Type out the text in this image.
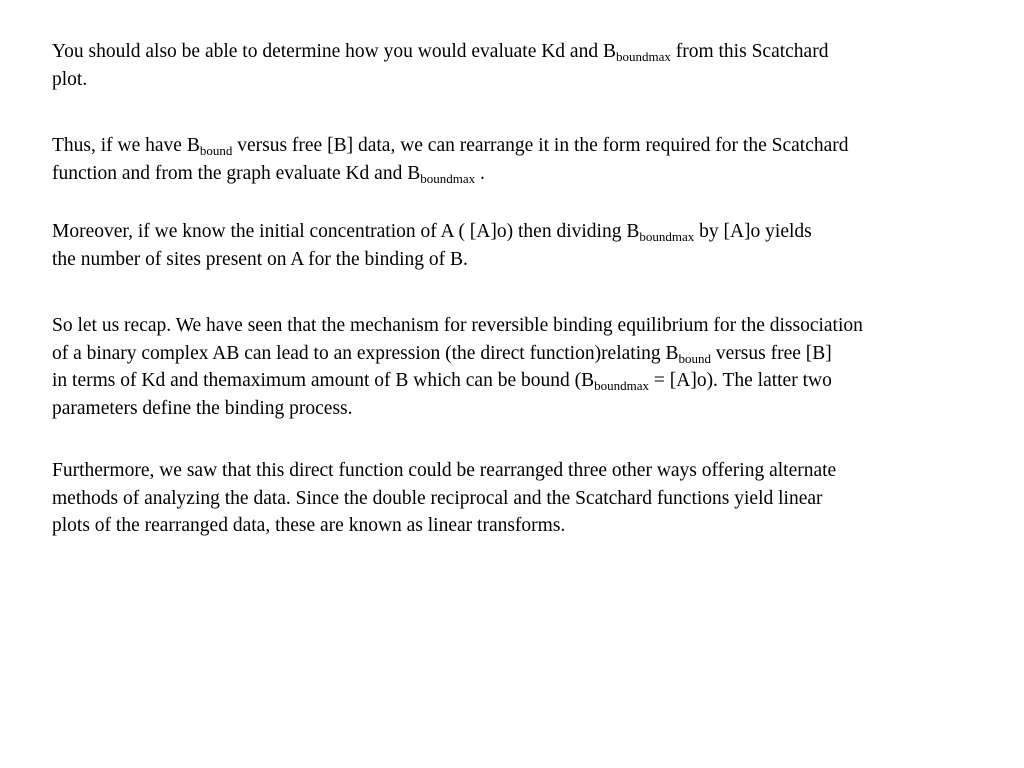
You should also be able to determine how you would evaluate Kd and $B_{boundmax}$ from this Scatchard
plot.

Thus, if we have $B_{bound}$ versus free [B] data, we can rearrange it in the form required for the Scatchard
function and from the graph evaluate Kd and $B_{boundmax}$ .

Moreover, if we know the initial concentration of A ( [A]o) then dividing $B_{boundmax}$ by [A]o yields
the number of sites present on A for the binding of B.

So let us recap. We have seen that the mechanism for reversible binding equilibrium for the dissociation
of a binary complex AB can lead to an expression (the direct function)relating $B_{bound}$ versus free [B]
in terms of Kd and themaximum amount of B which can be bound $(B_{boundmax} = [A]o)$. The latter two
parameters define the binding process.

Furthermore, we saw that this direct function could be rearranged three other ways offering alternate
methods of analyzing the data. Since the double reciprocal and the Scatchard functions yield linear
plots of the rearranged data, these are known as linear transforms.
